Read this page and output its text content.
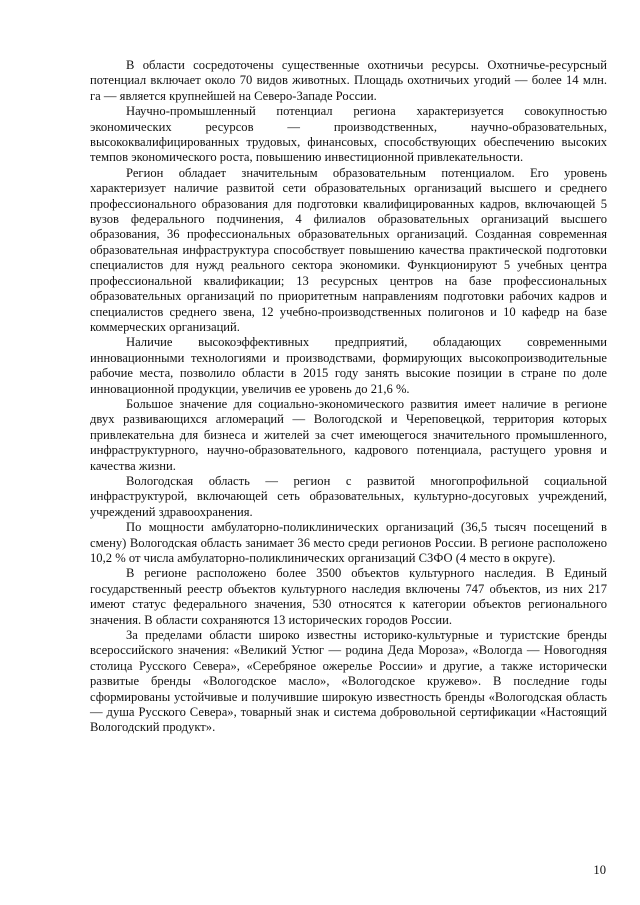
В области сосредоточены существенные охотничьи ресурсы. Охотничье-ресурсный потенциал включает около 70 видов животных. Площадь охотничьих угодий — более 14 млн. га — является крупнейшей на Северо-Западе России.

Научно-промышленный потенциал региона характеризуется совокупностью экономических ресурсов — производственных, научно-образовательных, высококвалифицированных трудовых, финансовых, способствующих обеспечению высоких темпов экономического роста, повышению инвестиционной привлекательности.

Регион обладает значительным образовательным потенциалом. Его уровень характеризует наличие развитой сети образовательных организаций высшего и среднего профессионального образования для подготовки квалифицированных кадров, включающей 5 вузов федерального подчинения, 4 филиалов образовательных организаций высшего образования, 36 профессиональных образовательных организаций. Созданная современная образовательная инфраструктура способствует повышению качества практической подготовки специалистов для нужд реального сектора экономики. Функционируют 5 учебных центра профессиональной квалификации; 13 ресурсных центров на базе профессиональных образовательных организаций по приоритетным направлениям подготовки рабочих кадров и специалистов среднего звена, 12 учебно-производственных полигонов и 10 кафедр на базе коммерческих организаций.

Наличие высокоэффективных предприятий, обладающих современными инновационными технологиями и производствами, формирующих высокопроизводительные рабочие места, позволило области в 2015 году занять высокие позиции в стране по доле инновационной продукции, увеличив ее уровень до 21,6 %.

Большое значение для социально-экономического развития имеет наличие в регионе двух развивающихся агломераций — Вологодской и Череповецкой, территория которых привлекательна для бизнеса и жителей за счет имеющегося значительного промышленного, инфраструктурного, научно-образовательного, кадрового потенциала, растущего уровня и качества жизни.

Вологодская область — регион с развитой многопрофильной социальной инфраструктурой, включающей сеть образовательных, культурно-досуговых учреждений, учреждений здравоохранения.

По мощности амбулаторно-поликлинических организаций (36,5 тысяч посещений в смену) Вологодская область занимает 36 место среди регионов России. В регионе расположено 10,2 % от числа амбулаторно-поликлинических организаций СЗФО (4 место в округе).

В регионе расположено более 3500 объектов культурного наследия. В Единый государственный реестр объектов культурного наследия включены 747 объектов, из них 217 имеют статус федерального значения, 530 относятся к категории объектов регионального значения. В области сохраняются 13 исторических городов России.

За пределами области широко известны историко-культурные и туристские бренды всероссийского значения: «Великий Устюг — родина Деда Мороза», «Вологда — Новогодняя столица Русского Севера», «Серебряное ожерелье России» и другие, а также исторически развитые бренды «Вологодское масло», «Вологодское кружево». В последние годы сформированы устойчивые и получившие широкую известность бренды «Вологодская область — душа Русского Севера», товарный знак и система добровольной сертификации «Настоящий Вологодский продукт».

10
